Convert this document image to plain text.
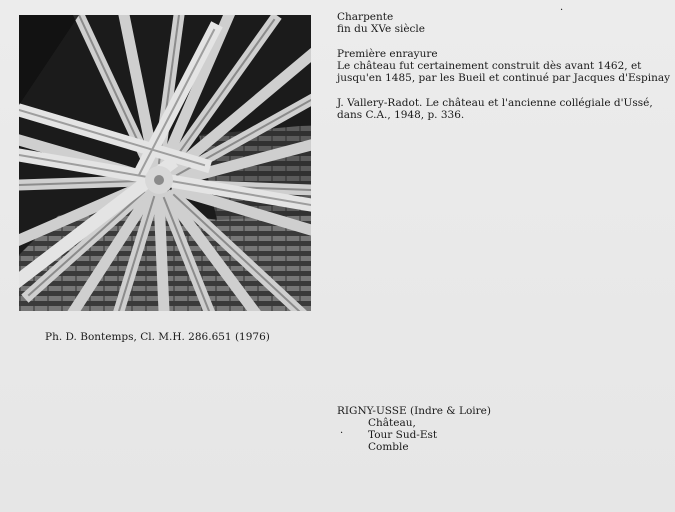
·
Charpente
fin du XVe siècle
Première enrayure
Le château fut certainement construit dès avant 1462, et
jusqu'en 1485, par les Bueil et continué par Jacques d'Espinay
J. Vallery-Radot. Le château et l'ancienne collégiale d'Ussé,
dans C.A., 1948, p. 336.
Ph. D. Bontemps, Cl. M.H. 286.651 (1976)
·
RIGNY-USSE (Indre & Loire)
Château,
Tour Sud-Est
Comble
